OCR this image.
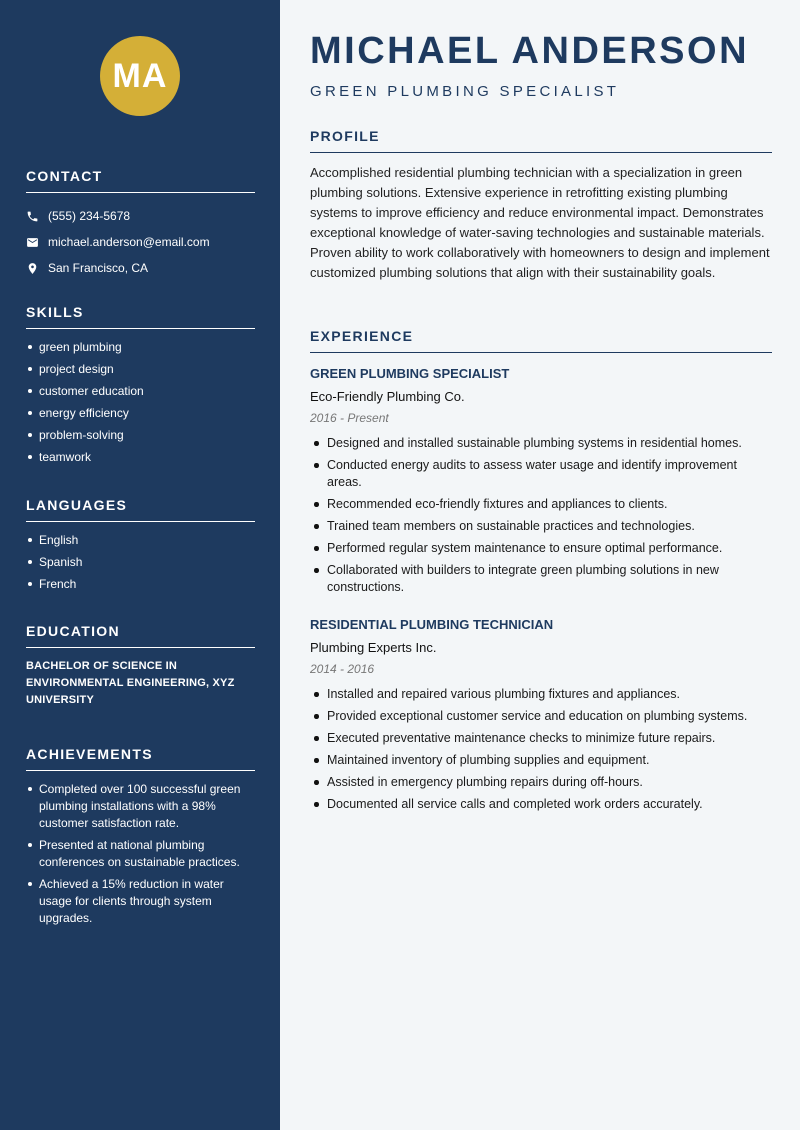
MA
CONTACT
(555) 234-5678
michael.anderson@email.com
San Francisco, CA
SKILLS
green plumbing
project design
customer education
energy efficiency
problem-solving
teamwork
LANGUAGES
English
Spanish
French
EDUCATION
BACHELOR OF SCIENCE IN ENVIRONMENTAL ENGINEERING, XYZ UNIVERSITY
ACHIEVEMENTS
Completed over 100 successful green plumbing installations with a 98% customer satisfaction rate.
Presented at national plumbing conferences on sustainable practices.
Achieved a 15% reduction in water usage for clients through system upgrades.
MICHAEL ANDERSON
GREEN PLUMBING SPECIALIST
PROFILE
Accomplished residential plumbing technician with a specialization in green plumbing solutions. Extensive experience in retrofitting existing plumbing systems to improve efficiency and reduce environmental impact. Demonstrates exceptional knowledge of water-saving technologies and sustainable materials. Proven ability to work collaboratively with homeowners to design and implement customized plumbing solutions that align with their sustainability goals.
EXPERIENCE
GREEN PLUMBING SPECIALIST
Eco-Friendly Plumbing Co.
2016 - Present
Designed and installed sustainable plumbing systems in residential homes.
Conducted energy audits to assess water usage and identify improvement areas.
Recommended eco-friendly fixtures and appliances to clients.
Trained team members on sustainable practices and technologies.
Performed regular system maintenance to ensure optimal performance.
Collaborated with builders to integrate green plumbing solutions in new constructions.
RESIDENTIAL PLUMBING TECHNICIAN
Plumbing Experts Inc.
2014 - 2016
Installed and repaired various plumbing fixtures and appliances.
Provided exceptional customer service and education on plumbing systems.
Executed preventative maintenance checks to minimize future repairs.
Maintained inventory of plumbing supplies and equipment.
Assisted in emergency plumbing repairs during off-hours.
Documented all service calls and completed work orders accurately.
